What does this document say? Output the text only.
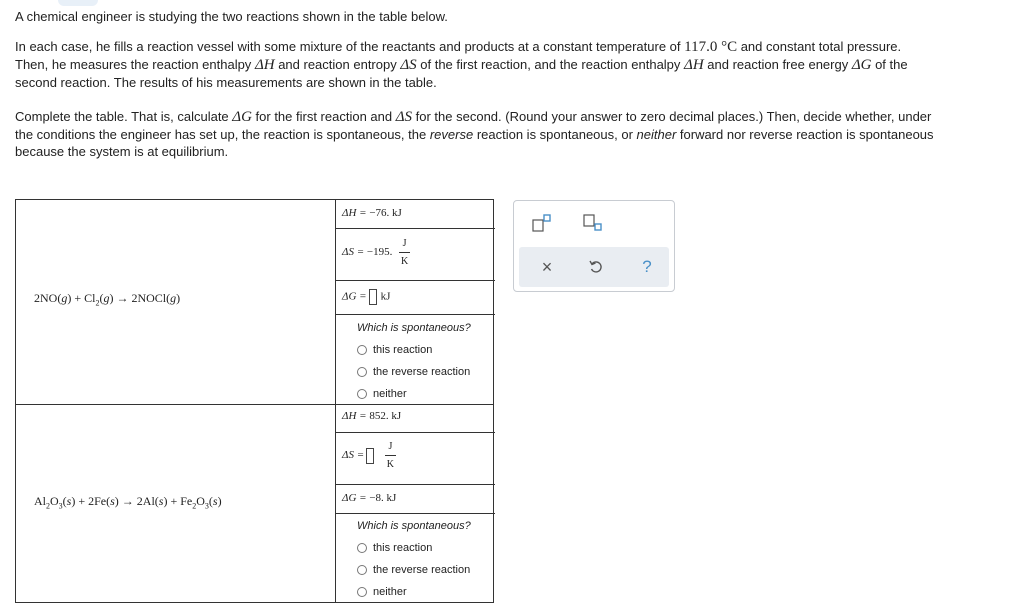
A chemical engineer is studying the two reactions shown in the table below.

In each case, he fills a reaction vessel with some mixture of the reactants and products at a constant temperature of 117.0 °C and constant total pressure.
Then, he measures the reaction enthalpy ΔH and reaction entropy ΔS of the first reaction, and the reaction enthalpy ΔH and reaction free energy ΔG of the
second reaction. The results of his measurements are shown in the table.

Complete the table. That is, calculate ΔG for the first reaction and ΔS for the second. (Round your answer to zero decimal places.) Then, decide whether, under
the conditions the engineer has set up, the reaction is spontaneous, the reverse reaction is spontaneous, or neither forward nor reverse reaction is spontaneous
because the system is at equilibrium.

$2NO(g) + Cl_2(g)$ → 2NOCl(g)
ΔH = −76. kJ
ΔS = −195. $\frac{J}{K}$
ΔG = kJ
Which is spontaneous?
this reaction
the reverse reaction
neither
$Al_2O_3(s) + 2Fe(s) \to 2Al(s) + Fe_2O_3(s)$
ΔH = 852. kJ
$\Delta S = \frac{J}{K}$
ΔG = −8. kJ
Which is spontaneous?
this reaction
the reverse reaction
neither
×	?
